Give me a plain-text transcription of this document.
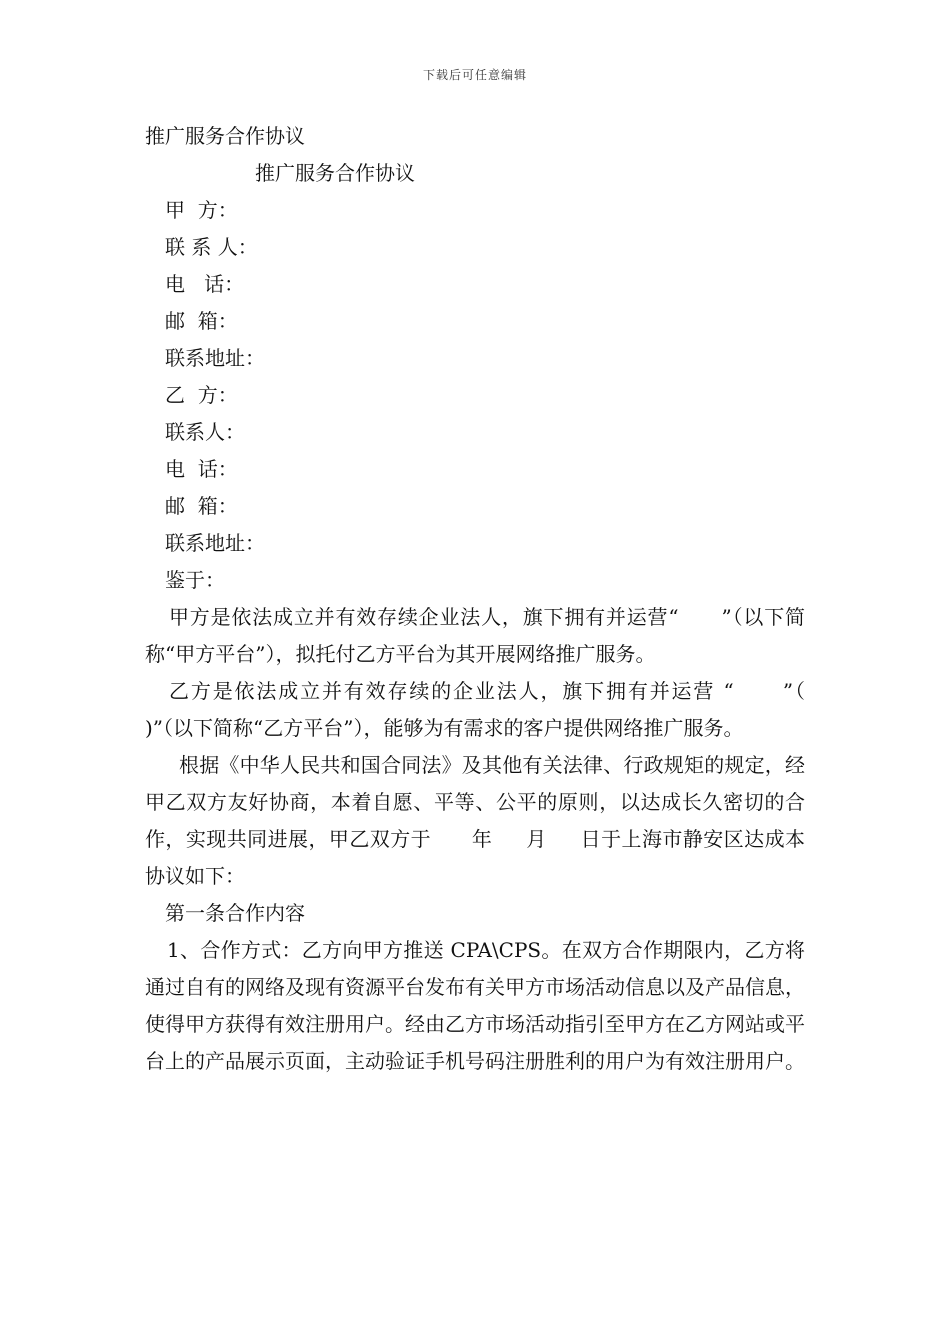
下载后可任意编辑

推广服务合作协议

推广服务合作协议

甲  方：

联 系 人：

电   话：

邮  箱：

联系地址：

乙  方：

联系人：

电  话：

邮  箱：

联系地址：

鉴于：

甲方是依法成立并有效存续企业法人，旗下拥有并运营“      ”（以下简称“甲方平台”），拟托付乙方平台为其开展网络推广服务。

乙方是依法成立并有效存续的企业法人，旗下拥有并运营 “      ”（      )”（以下简称“乙方平台”），能够为有需求的客户提供网络推广服务。

根据《中华人民共和国合同法》及其他有关法律、行政规矩的规定，经甲乙双方友好协商，本着自愿、平等、公平的原则，以达成长久密切的合作，实现共同进展，甲乙双方于      年     月     日于上海市静安区达成本协议如下：

第一条合作内容

1、合作方式：乙方向甲方推送 CPA\CPS。在双方合作期限内，乙方将通过自有的网络及现有资源平台发布有关甲方市场活动信息以及产品信息，使得甲方获得有效注册用户。经由乙方市场活动指引至甲方在乙方网站或平台上的产品展示页面，主动验证手机号码注册胜利的用户为有效注册用户。
